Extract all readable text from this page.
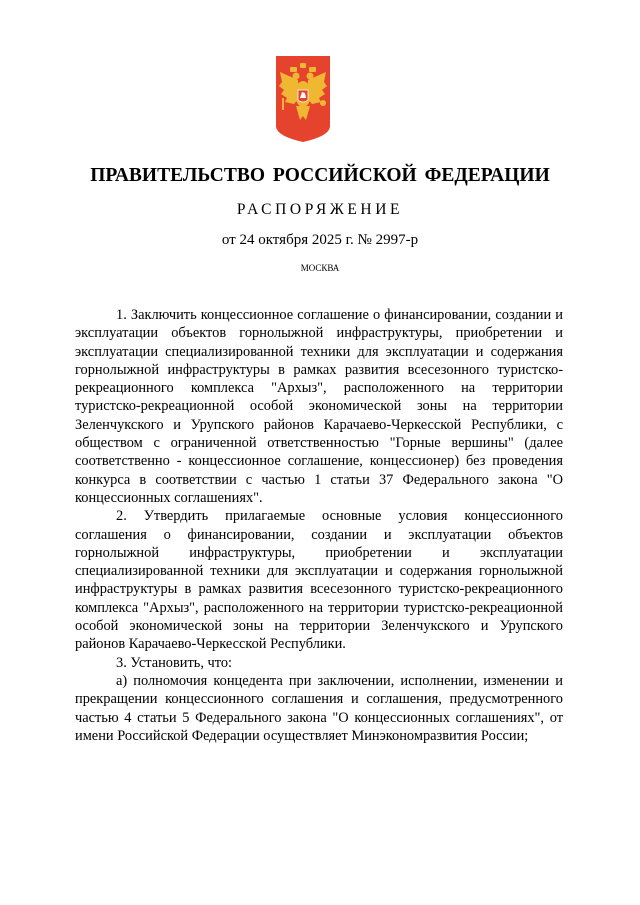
ПРАВИТЕЛЬСТВО РОССИЙСКОЙ ФЕДЕРАЦИИ
РАСПОРЯЖЕНИЕ
от 24 октября 2025 г. № 2997-р
МОСКВА

1. Заключить концессионное соглашение о финансировании, создании и эксплуатации объектов горнолыжной инфраструктуры, приобретении и эксплуатации специализированной техники для эксплуатации и содержания горнолыжной инфраструктуры в рамках развития всесезонного туристско-рекреационного комплекса "Архыз", расположенного на территории туристско-рекреационной особой экономической зоны на территории Зеленчукского и Урупского районов Карачаево-Черкесской Республики, с обществом с ограниченной ответственностью "Горные вершины" (далее соответственно - концессионное соглашение, концессионер) без проведения конкурса в соответствии с частью 1 статьи 37 Федерального закона "О концессионных соглашениях".

2. Утвердить прилагаемые основные условия концессионного соглашения о финансировании, создании и эксплуатации объектов горнолыжной инфраструктуры, приобретении и эксплуатации специализированной техники для эксплуатации и содержания горнолыжной инфраструктуры в рамках развития всесезонного туристско-рекреационного комплекса "Архыз", расположенного на территории туристско-рекреационной особой экономической зоны на территории Зеленчукского и Урупского районов Карачаево-Черкесской Республики.

3. Установить, что:

а) полномочия концедента при заключении, исполнении, изменении и прекращении концессионного соглашения и соглашения, предусмотренного частью 4 статьи 5 Федерального закона "О концессионных соглашениях", от имени Российской Федерации осуществляет Минэкономразвития России;
